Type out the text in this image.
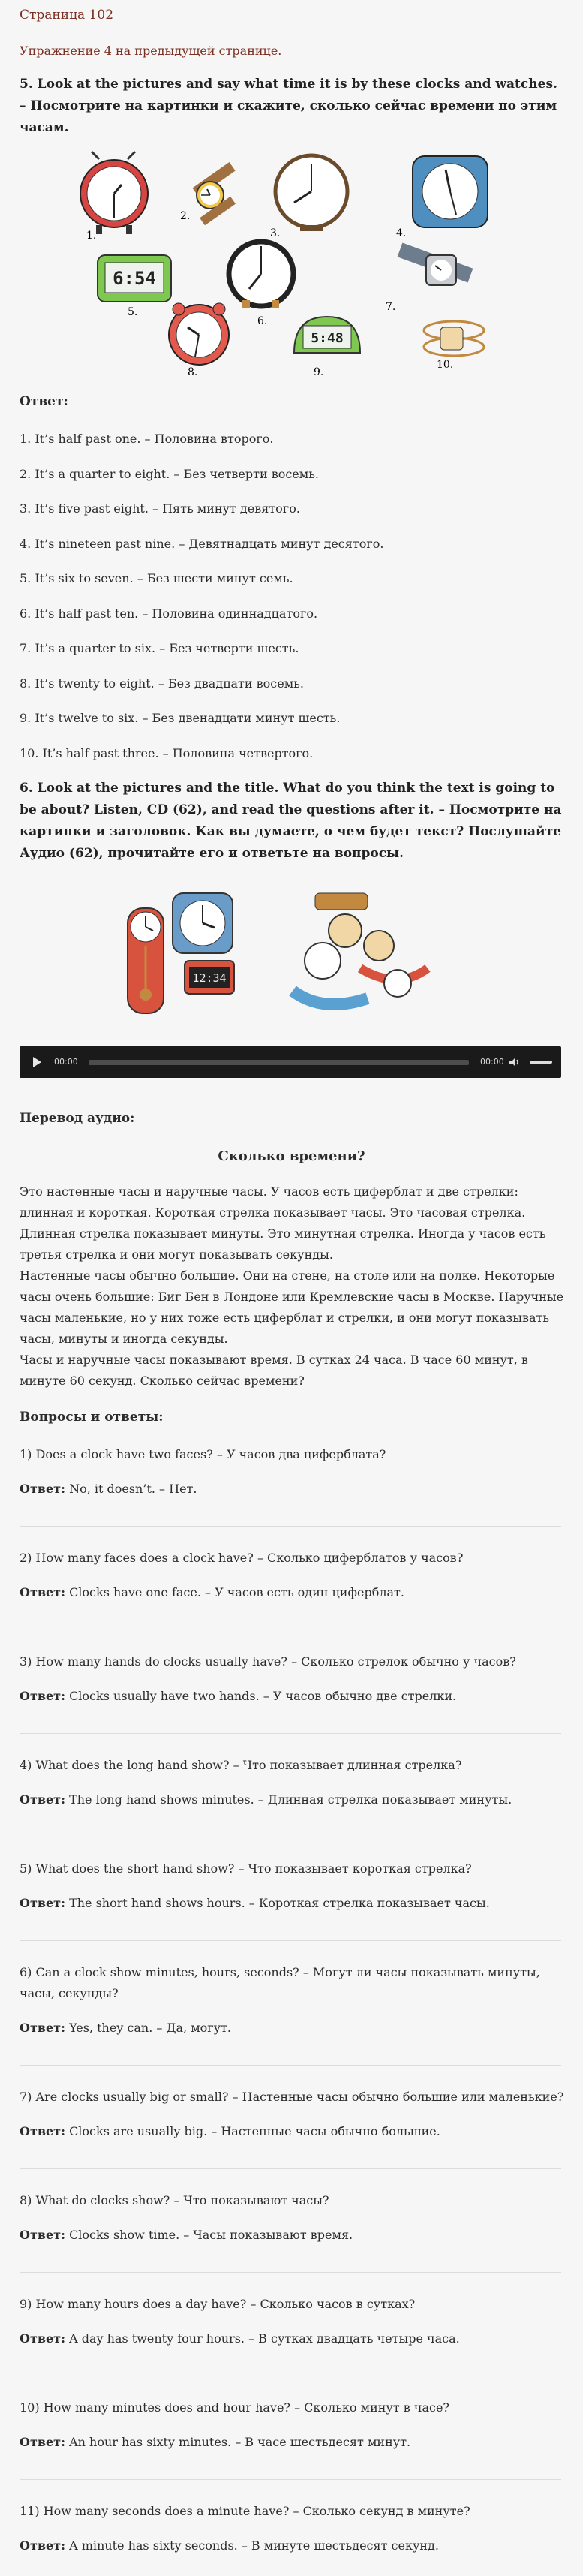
Страница 102
Упражнение 4 на предыдущей странице.
5. Look at the pictures and say what time it is by these clocks and watches. – Посмотрите на картинки и скажите, сколько сейчас времени по этим часам.
1.
2.
3.	4.
6:54
5.
6.
7.
8.
5:48
9.
10.
Ответ:
1. It’s half past one. – Половина второго.
2. It’s a quarter to eight. – Без четверти восемь.
3. It’s five past eight. – Пять минут девятого.
4. It’s nineteen past nine. – Девятнадцать минут десятого.
5. It’s six to seven. – Без шести минут семь.
6. It’s half past ten. – Половина одиннадцатого.
7. It’s a quarter to six. – Без четверти шесть.
8. It’s twenty to eight. – Без двадцати восемь.
9. It’s twelve to six. – Без двенадцати минут шесть.
10. It’s half past three. – Половина четвертого.
6. Look at the pictures and the title. What do you think the text is going to be about? Listen, CD (62), and read the questions after it. – Посмотрите на картинки и заголовок. Как вы думаете, о чем будет текст? Послушайте Аудио (62), прочитайте его и ответьте на вопросы.
12:34
00:00	00:00
Перевод аудио:
Сколько времени?
Это настенные часы и наручные часы. У часов есть циферблат и две стрелки:
длинная и короткая. Короткая стрелка показывает часы. Это часовая стрелка.
Длинная стрелка показывает минуты. Это минутная стрелка. Иногда у часов есть
третья стрелка и они могут показывать секунды.
Настенные часы обычно большие. Они на стене, на столе или на полке. Некоторые
часы очень большие: Биг Бен в Лондоне или Кремлевские часы в Москве. Наручные
часы маленькие, но у них тоже есть циферблат и стрелки, и они могут показывать
часы, минуты и иногда секунды.
Часы и наручные часы показывают время. В сутках 24 часа. В часе 60 минут, в
минуте 60 секунд. Сколько сейчас времени?
Вопросы и ответы:
1) Does a clock have two faces? – У часов два циферблата?
Ответ: No, it doesn’t. – Нет.
2) How many faces does a clock have? – Сколько циферблатов у часов?
Ответ: Clocks have one face. – У часов есть один циферблат.
3) How many hands do clocks usually have? – Сколько стрелок обычно у часов?
Ответ: Clocks usually have two hands. – У часов обычно две стрелки.
4) What does the long hand show? – Что показывает длинная стрелка?
Ответ: The long hand shows minutes. – Длинная стрелка показывает минуты.
5) What does the short hand show? – Что показывает короткая стрелка?
Ответ: The short hand shows hours. – Короткая стрелка показывает часы.
6) Can a clock show minutes, hours, seconds? – Могут ли часы показывать минуты,
часы, секунды?
Ответ: Yes, they can. – Да, могут.
7) Are clocks usually big or small? – Настенные часы обычно большие или маленькие?
Ответ: Clocks are usually big. – Настенные часы обычно большие.
8) What do clocks show? – Что показывают часы?
Ответ: Clocks show time. – Часы показывают время.
9) How many hours does a day have? – Сколько часов в сутках?
Ответ: A day has twenty four hours. – В сутках двадцать четыре часа.
10) How many minutes does and hour have? – Сколько минут в часе?
Ответ: An hour has sixty minutes. – В часе шестьдесят минут.
11) How many seconds does a minute have? – Сколько секунд в минуте?
Ответ: A minute has sixty seconds. – В минуте шестьдесят секунд.
